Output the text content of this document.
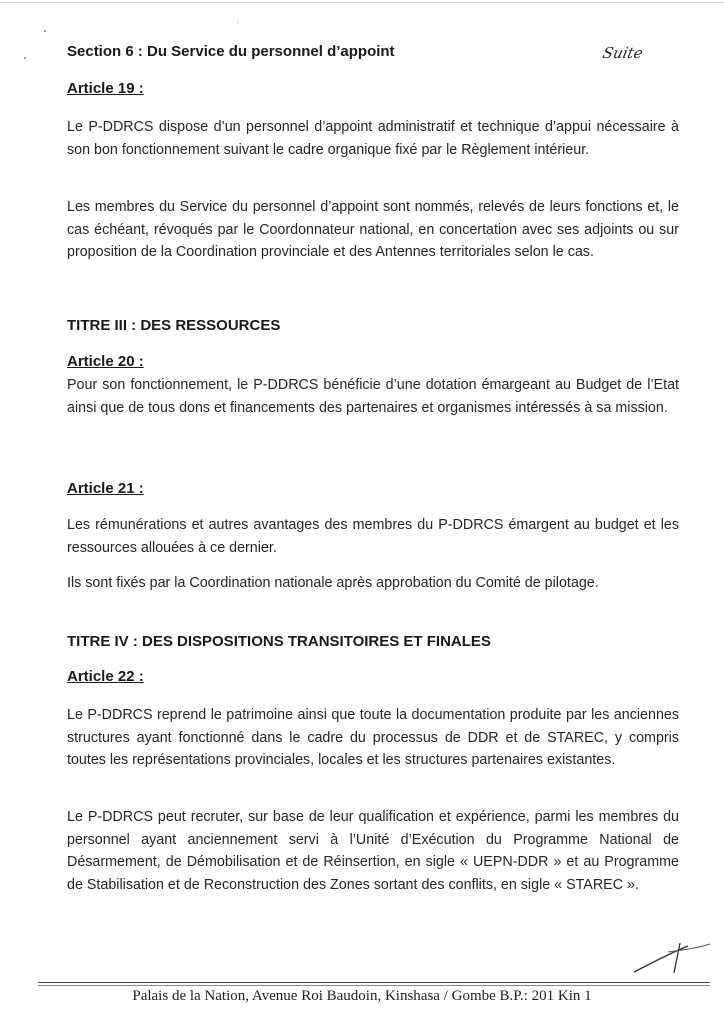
Section 6 : Du Service du personnel d’appoint	Suite
Article 19 :
Le P-DDRCS dispose d’un personnel d’appoint administratif et technique d’appui nécessaire à son bon fonctionnement suivant le cadre organique fixé par le Règlement intérieur.
Les membres du Service du personnel d’appoint sont nommés, relevés de leurs fonctions et, le cas échéant, révoqués par le Coordonnateur national, en concertation avec ses adjoints ou sur proposition de la Coordination provinciale et des Antennes territoriales selon le cas.
TITRE III : DES RESSOURCES
Article 20 :
Pour son fonctionnement, le P-DDRCS bénéficie d’une dotation émargeant au Budget de l’Etat ainsi que de tous dons et financements des partenaires et organismes intéressés à sa mission.
Article 21 :
Les rémunérations et autres avantages des membres du P-DDRCS émargent au budget et les ressources allouées à ce dernier.
Ils sont fixés par la Coordination nationale après approbation du Comité de pilotage.
TITRE IV : DES DISPOSITIONS TRANSITOIRES ET FINALES
Article 22 :
Le P-DDRCS reprend le patrimoine ainsi que toute la documentation produite par les anciennes structures ayant fonctionné dans le cadre du processus de DDR et de STAREC, y compris toutes les représentations provinciales, locales et les structures partenaires existantes.
Le P-DDRCS peut recruter, sur base de leur qualification et expérience, parmi les membres du personnel ayant anciennement servi à l’Unité d’Exécution du Programme National de Désarmement, de Démobilisation et de Réinsertion, en sigle « UEPN-DDR » et au Programme de Stabilisation et de Reconstruction des Zones sortant des conflits, en sigle « STAREC ».
Palais de la Nation, Avenue Roi Baudoin, Kinshasa / Gombe B.P.: 201 Kin 1
